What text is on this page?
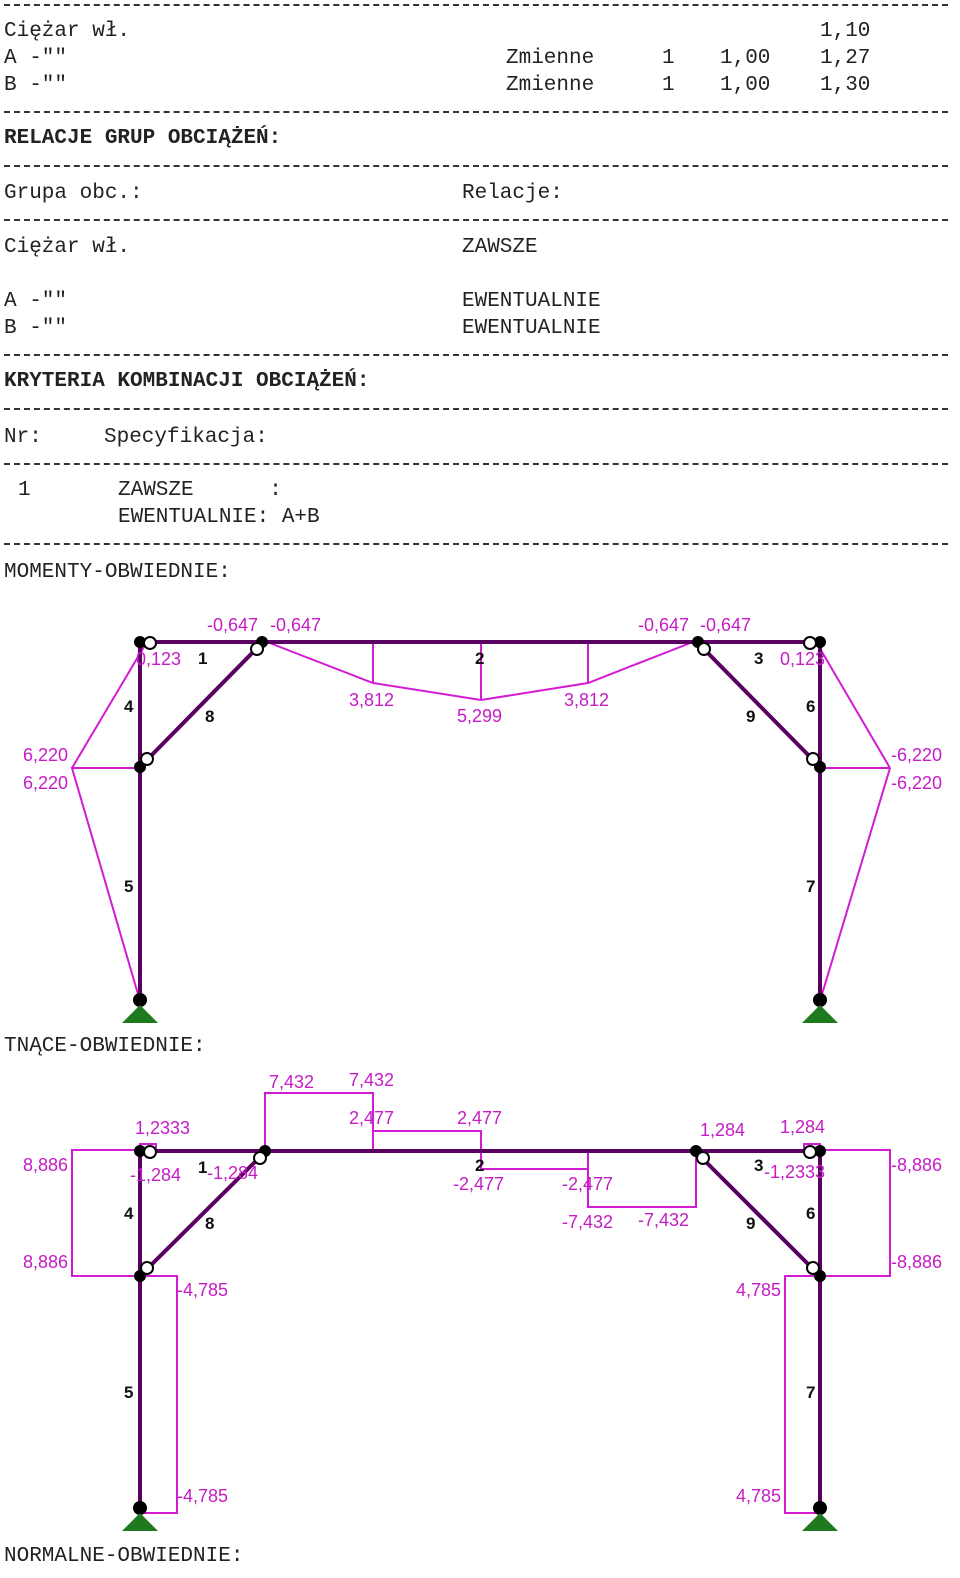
Ciężar wł.	1,10
A -""	Zmienne	1 1,00 1,27
B -""	Zmienne	1 1,00 1,30
RELACJE GRUP OBCIĄŻEŃ:
Grupa obc.:	Relacje:
Ciężar wł.	ZAWSZE
A -""	EWENTUALNIE
B -""	EWENTUALNIE
KRYTERIA KOMBINACJI OBCIĄŻEŃ:
Nr:	Specyfikacja:
1	ZAWSZE      :
EWENTUALNIE: A+B
MOMENTY-OBWIEDNIE:
1	2	3
4
5
6
7
8	9
-0,647 -0,647	-0,647 -0,647
0,123	0,123
3,812
5,299
3,812
6,220
6,220
-6,220
-6,220
TNĄCE-OBWIEDNIE:
1	2	3
4
5
6
7
8	9
7,432 7,432
2,477	2,477
1,2333	1,284 1,284
8,886	-1,284 -1,284
-2,477	-2,477
-1,2333	-8,886
-7,432 -7,432
8,886	-8,886
-4,785	4,785
-4,785	4,785
NORMALNE-OBWIEDNIE:
